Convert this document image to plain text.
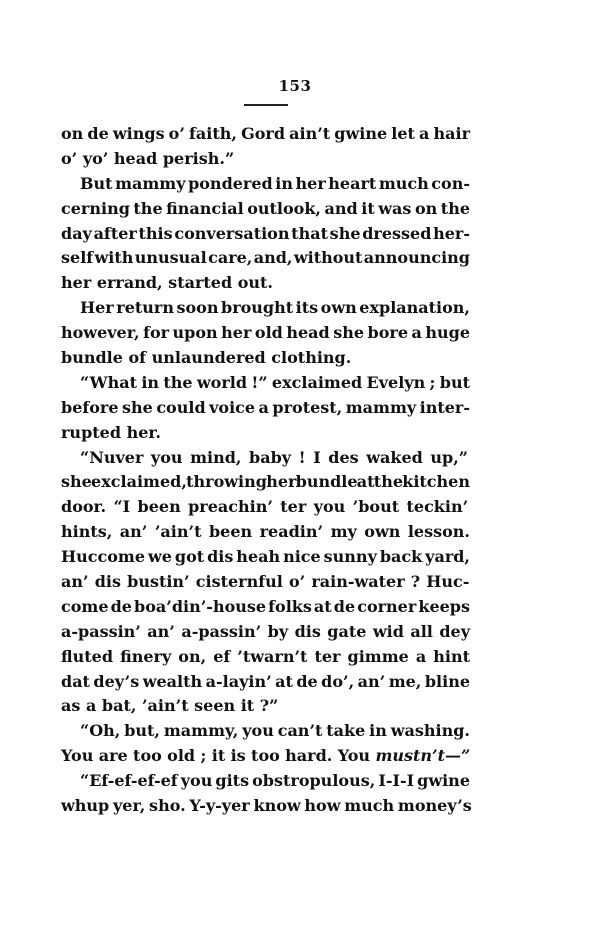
153
on de wings o’ faith, Gord ain’t gwine let a hair
o’ yo’ head perish.”
But mammy pondered in her heart much con-
cerning the financial outlook, and it was on the
day after this conversation that she dressed her-
self with unusual care, and, without announcing
her errand, started out.
Her return soon brought its own explanation,
however, for upon her old head she bore a huge
bundle of unlaundered clothing.
“What in the world !” exclaimed Evelyn ; but
before she could voice a protest, mammy inter-
rupted her.
“Nuver you mind, baby ! I des waked up,”
she exclaimed, throwing her bundle at the kitchen
door. “I been preachin’ ter you ’bout teckin’
hints, an’ ’ain’t been readin’ my own lesson.
Huccome we got dis heah nice sunny back yard,
an’ dis bustin’ cisternful o’ rain-water ? Huc-
come de boa’din’-house folks at de corner keeps
a-passin’ an’ a-passin’ by dis gate wid all dey
fluted finery on, ef ’twarn’t ter gimme a hint
dat dey’s wealth a-layin’ at de do’, an’ me, bline
as a bat, ’ain’t seen it ?”
“Oh, but, mammy, you can’t take in washing.
You are too old ; it is too hard. You mustn’t—”
“Ef-ef-ef-ef you gits obstropulous, I-I-I gwine
whup yer, sho. Y-y-yer know how much money’s
